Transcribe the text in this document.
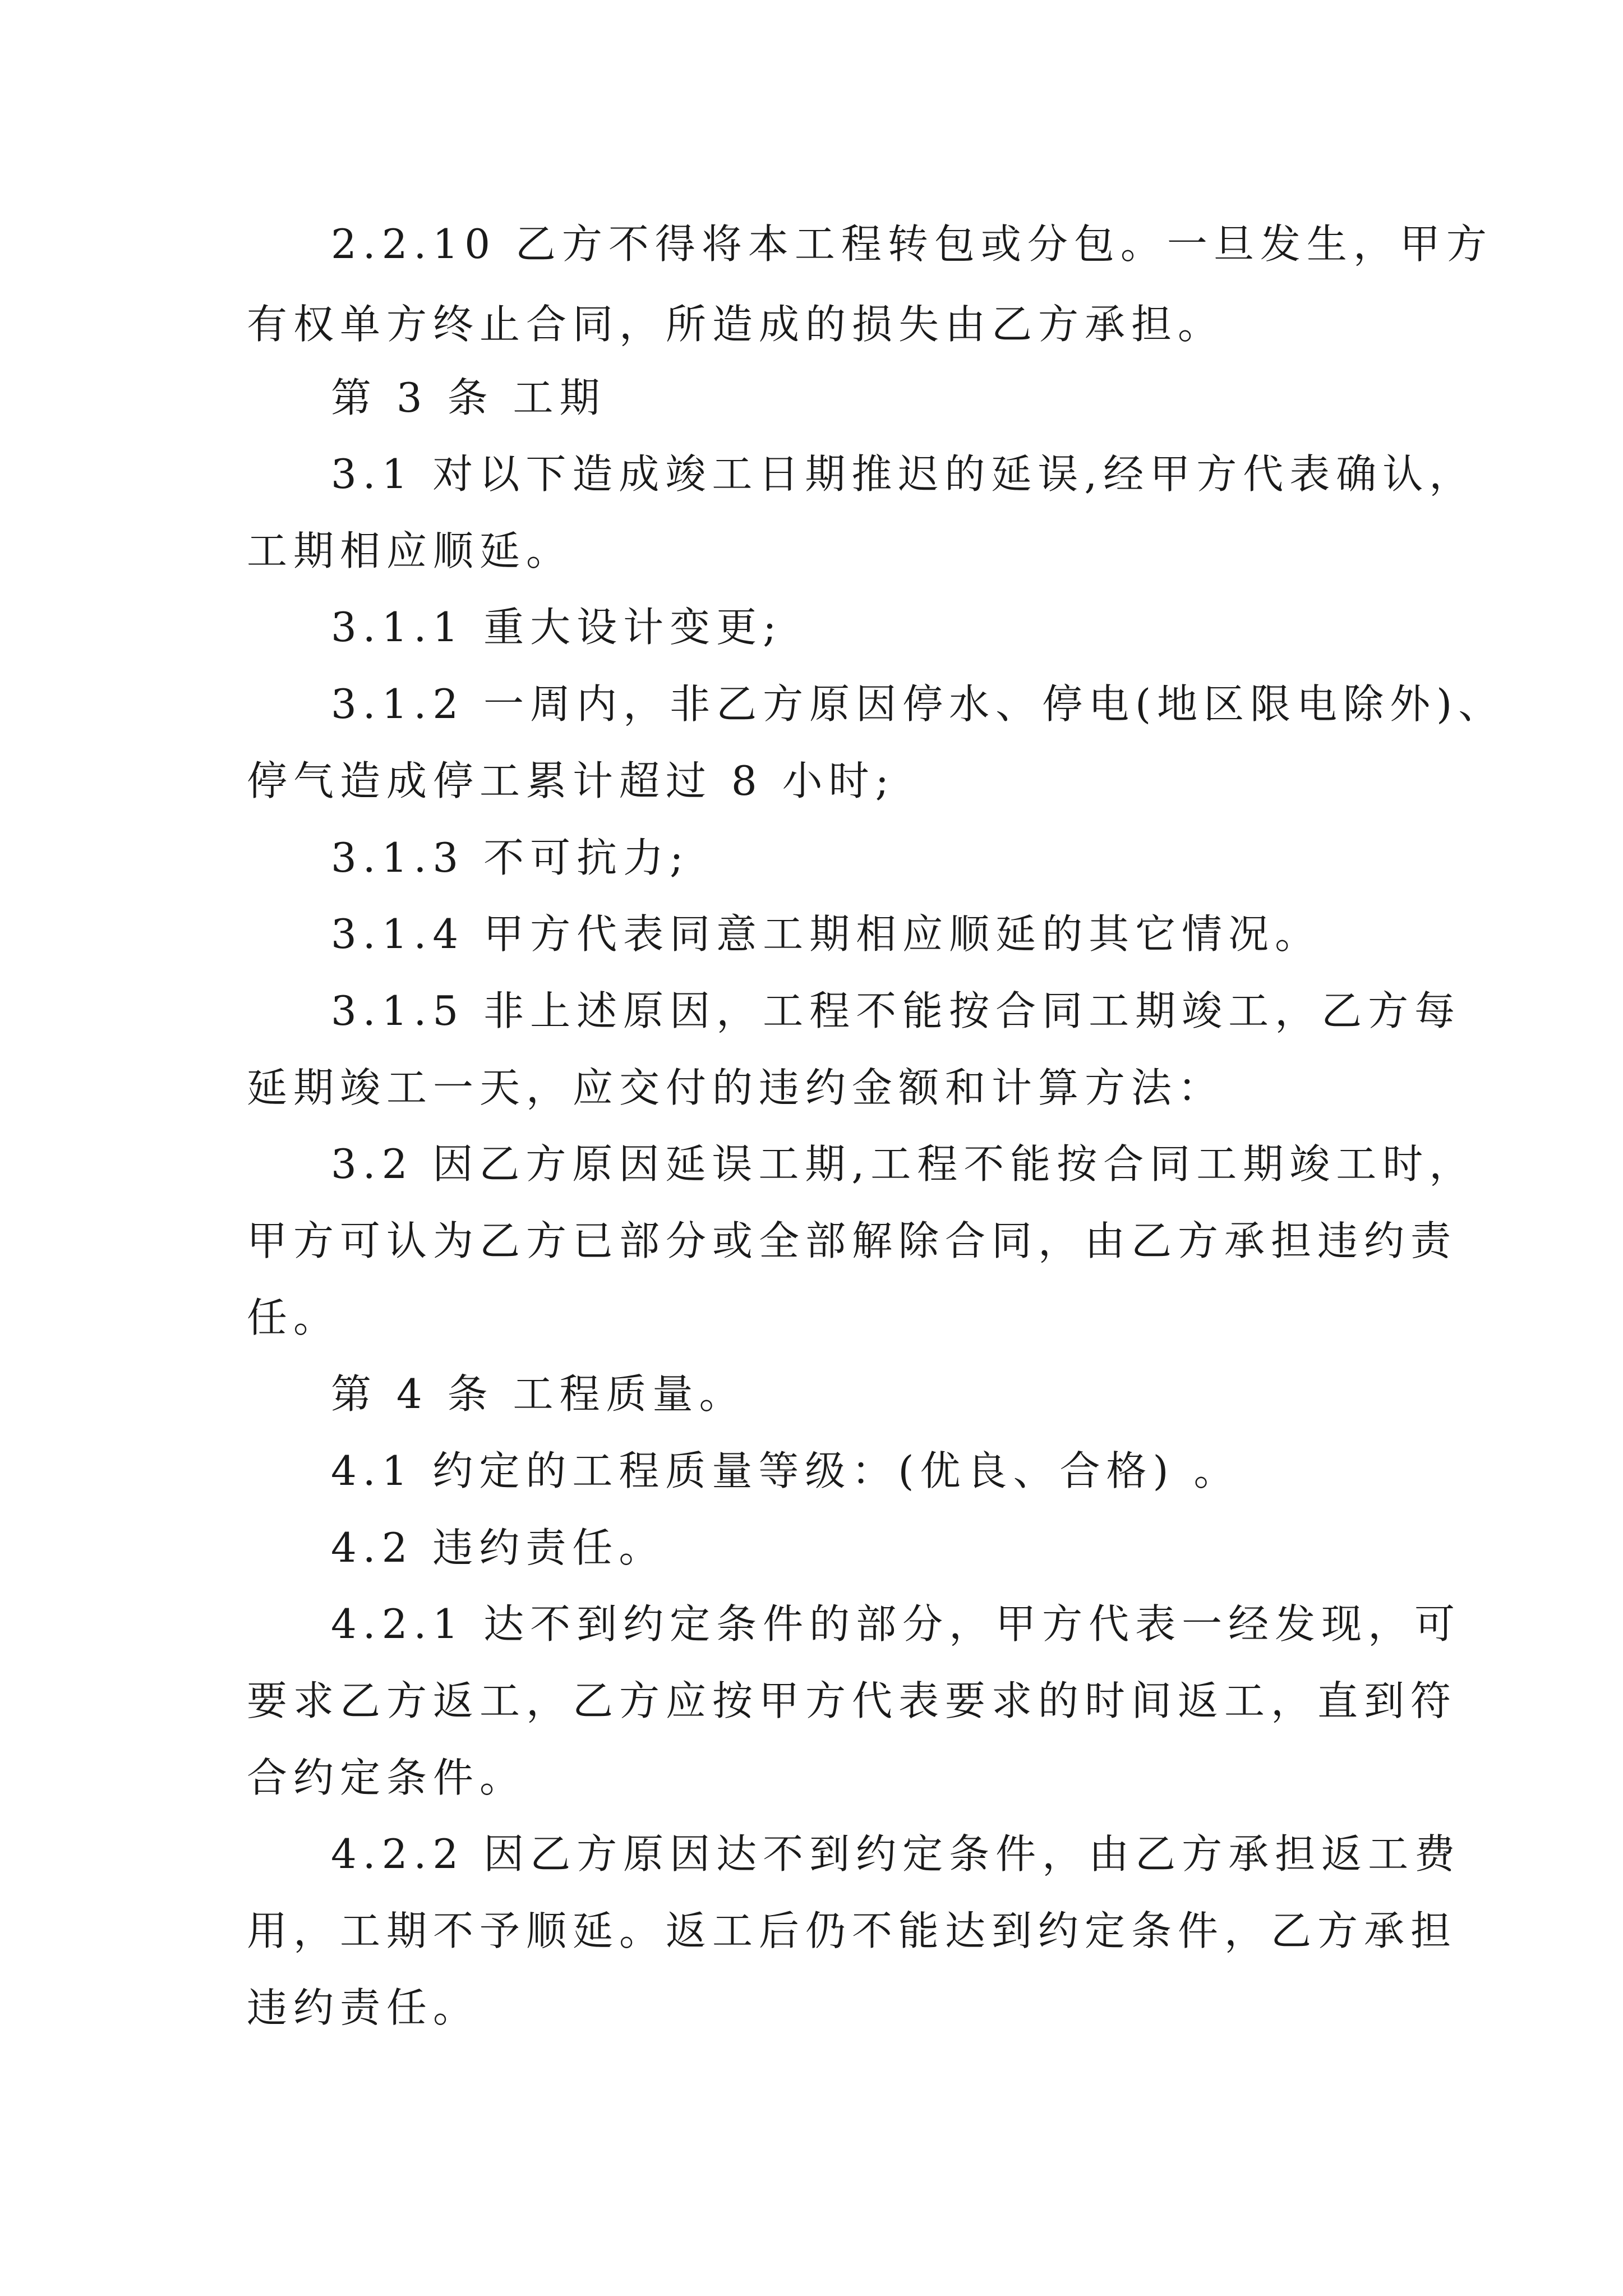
2.2.10 乙方不得将本工程转包或分包。一旦发生，甲方
有权单方终止合同，所造成的损失由乙方承担。
第 3 条 工期
3.1 对以下造成竣工日期推迟的延误,经甲方代表确认，
工期相应顺延。
3.1.1 重大设计变更;
3.1.2 一周内，非乙方原因停水、停电(地区限电除外)、
停气造成停工累计超过 8 小时;
3.1.3 不可抗力;
3.1.4 甲方代表同意工期相应顺延的其它情况。
3.1.5 非上述原因，工程不能按合同工期竣工，乙方每
延期竣工一天，应交付的违约金额和计算方法：
3.2 因乙方原因延误工期,工程不能按合同工期竣工时，
甲方可认为乙方已部分或全部解除合同，由乙方承担违约责
任。
第 4 条 工程质量。
4.1 约定的工程质量等级：(优良、合格) 。
4.2 违约责任。
4.2.1 达不到约定条件的部分，甲方代表一经发现，可
要求乙方返工，乙方应按甲方代表要求的时间返工，直到符
合约定条件。
4.2.2 因乙方原因达不到约定条件，由乙方承担返工费
用，工期不予顺延。返工后仍不能达到约定条件，乙方承担
违约责任。
